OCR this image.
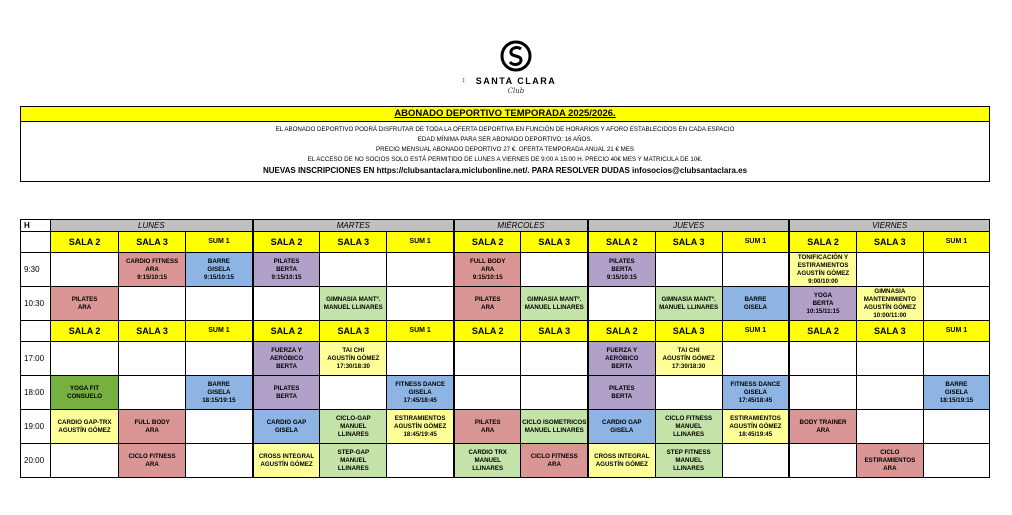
↕	SANTA CLARA
Club
ABONADO DEPORTIVO TEMPORADA 2025/2026.
EL ABONADO DEPORTIVO PODRÁ DISFRUTAR DE TODA LA OFERTA DEPORTIVA EN FUNCIÓN DE HORARIOS Y AFORO ESTABLECIDOS EN CADA ESPACIO
EDAD MÍNIMA PARA SER ABONADO DEPORTIVO: 16 AÑOS.
PRECIO MENSUAL ABONADO DEPORTIVO 27 €. OFERTA TEMPORADA ANUAL 21 € MES
EL ACCESO DE NO SOCIOS SOLO ESTÁ PERMITIDO DE LUNES A VIERNES DE 9:00 A 15:00 H. PRECIO 40€ MES Y MATRICULA DE 10€.
NUEVAS INSCRIPCIONES EN https://clubsantaclara.miclubonline.net/. PARA RESOLVER DUDAS infosocios@clubsantaclara.es
H	LUNES			MARTES			MIÉRCOLES		JUEVES			VIERNES		
	SALA 2	SALA 3	SUM 1	SALA 2	SALA 3	SUM 1	SALA 2	SALA 3	SALA 2	SALA 3	SUM 1	SALA 2	SALA 3	SUM 1
9:30		CARDIO FITNESS
ARA
9:15/10:15	BARRE
GISELA
9:15/10:15	PILATES
BERTA
9:15/10:15			FULL BODY
ARA
9:15/10:15		PILATES
BERTA
9:15/10:15			TONIFICACIÓN Y
ESTIRAMIENTOS
AGUSTÍN GÓMEZ
9:00/10:00		
10:30	PILATES
ARA				GIMNASIA MANTº.
MANUEL LLINARES		PILATES
ARA	GIMNASIA MANTº.
MANUEL LLINARES		GIMNASIA MANTº.
MANUEL LLINARES	BARRE
GISELA	YOGA
BERTA
10:15/11:15	GIMNASIA
MANTENIMIENTO
AGUSTÍN GÓMEZ
10:00/11:00	
	SALA 2	SALA 3	SUM 1	SALA 2	SALA 3	SUM 1	SALA 2	SALA 3	SALA 2	SALA 3	SUM 1	SALA 2	SALA 3	SUM 1
17:00				FUERZA Y
AERÓBICO
BERTA	TAI CHI
AGUSTÍN GÓMEZ
17:30/18:30				FUERZA Y
AERÓBICO
BERTA	TAI CHI
AGUSTÍN GÓMEZ
17:30/18:30				
18:00	YOGA FIT
CONSUELO		BARRE
GISELA
18:15/19:15	PILATES
BERTA		FITNESS DANCE
GISELA
17:45/18:45			PILATES
BERTA		FITNESS DANCE
GISELA
17:45/18:45			BARRE
GISELA
18:15/19:15
19:00	CARDIO GAP-TRX
AGUSTÍN GÓMEZ	FULL BODY
ARA		CARDIO GAP
GISELA	CICLO-GAP
MANUEL
LLINARES	ESTIRAMIENTOS
AGUSTÍN GÓMEZ
18:45/19:45	PILATES
ARA	CICLO ISOMETRICOS
MANUEL LLINARES	CARDIO GAP
GISELA	CICLO FITNESS
MANUEL
LLINARES	ESTIRAMIENTOS
AGUSTÍN GÓMEZ
18:45/19:45	BODY TRAINER
ARA		
20:00		CICLO FITNESS
ARA		CROSS INTEGRAL
AGUSTÍN GÓMEZ	STEP-GAP
MANUEL
LLINARES		CARDIO TRX
MANUEL
LLINARES	CICLO FITNESS
ARA	CROSS INTEGRAL
AGUSTÍN GÓMEZ	STEP FITNESS
MANUEL
LLINARES			CICLO
ESTIRAMIENTOS
ARA	
